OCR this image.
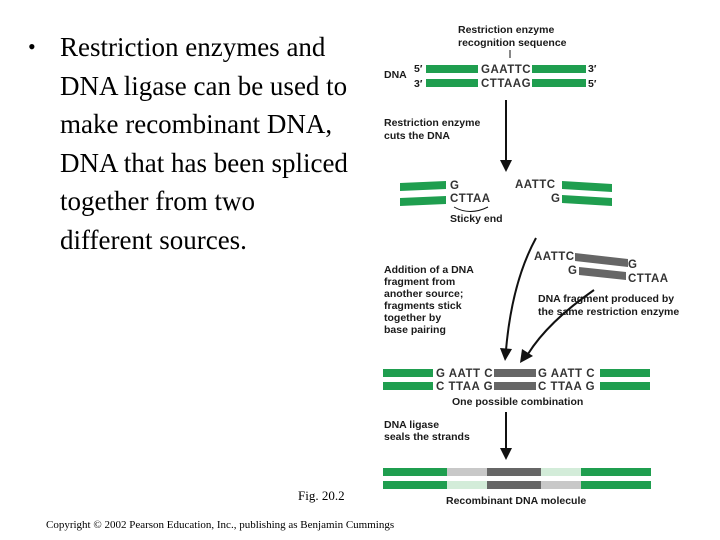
• Restriction enzymes and DNA ligase can be used to make recombinant DNA, DNA that has been spliced together from two different sources.
Restriction enzyme
recognition sequence
DNA 5′
3′
GAATTC
CTTAAG
3′
5′
Restriction enzyme
cuts the DNA
G
CTTAA
Sticky end
AATTC
G
AATTC
G	G
CTTAA
Addition of a DNA
fragment from
another source;
fragments stick
together by
base pairing
DNA fragment produced by
the same restriction enzyme
G AATT C
C TTAA G
G AATT C
C TTAA G
One possible combination
DNA ligase
seals the strands
Recombinant DNA molecule
Fig. 20.2
Copyright © 2002 Pearson Education, Inc., publishing as Benjamin Cummings
